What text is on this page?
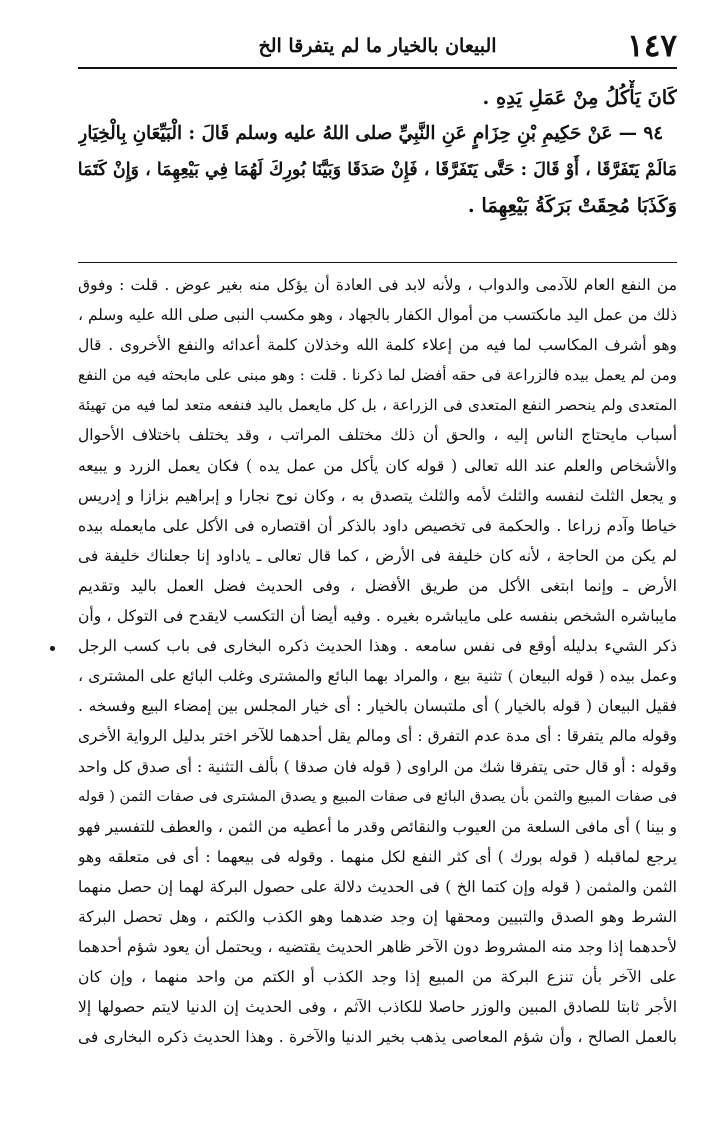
١٤٧
البيعان بالخيار ما لم يتفرقا الخ

كَانَ يَأْكُلُ مِنْ عَمَلِ يَدِهِ .

٩٤ — عَنْ حَكِيمِ بْنِ حِزَامٍ عَنِ النَّبِيِّ صلى اللهُ عليه وسلم قَالَ : الْبَيِّعَانِ بِالْخِيَارِ

مَالَمْ يَتَفَرَّقَا ، أَوْ قَالَ : حَتَّى يَتَفَرَّقَا ، فَإِنْ صَدَقَا وَبَيَّنَا بُورِكَ لَهُمَا فِي بَيْعِهِمَا ، وَإِنْ كَتَمَا

وَكَذَبَا مُحِقَتْ بَرَكَةُ بَيْعِهِمَا .

من النفع العام للآدمى والدواب ، ولأنه لابد فى العادة أن يؤكل منه بغير عوض . قلت : وفوق
ذلك من عمل اليد ماىكتسب من أموال الكفار بالجهاد ، وهو مكسب النبى صلى الله عليه وسلم ،
وهو أشرف المكاسب لما فيه من إعلاء كلمة الله وخذلان كلمة أعدائه والنفع الأخروى . قال
ومن لم يعمل بيده فالزراعة فى حقه أفضل لما ذكرنا . قلت : وهو مبنى على مابحثه فيه من النفع
المتعدى ولم ينحصر النفع المتعدى فى الزراعة ، بل كل مايعمل باليد فنفعه متعد لما فيه من تهيئة
أسباب مايحتاج الناس إليه ، والحق أن ذلك مختلف المراتب ، وقد يختلف باختلاف الأحوال
والأشخاص والعلم عند الله تعالى ( قوله كان يأكل من عمل يده ) فكان يعمل الزرد و يبيعه
و يجعل الثلث لنفسه والثلث لأمه والثلث يتصدق به ، وكان نوح نجارا و إبراهيم بزازا و إدريس
خياطا وآدم زراعا . والحكمة فى تخصيص داود بالذكر أن اقتصاره فى الأكل على مايعمله بيده
لم يكن من الحاجة ، لأنه كان خليفة فى الأرض ، كما قال تعالى ـ ياداود إنا جعلناك خليفة فى
الأرض ـ وإنما ابتغى الأكل من طريق الأفضل ، وفى الحديث فضل العمل باليد وتقديم
مايباشره الشخص بنفسه على مايباشره بغيره . وفيه أيضا أن التكسب لايقدح فى التوكل ، وأن
ذكر الشيء بدليله أوقع فى نفس سامعه . وهذا الحديث ذكره البخارى فى باب كسب الرجل
وعمل بيده ( قوله البيعان ) تثنية بيع ، والمراد بهما البائع والمشترى وغلب البائع على المشترى ،
فقيل البيعان ( قوله بالخيار ) أى ملتبسان بالخيار : أى خيار المجلس بين إمضاء البيع وفسخه .
وقوله مالم يتفرقا : أى مدة عدم التفرق : أى ومالم يقل أحدهما للآخر اختر بدليل الرواية الأخرى
وقوله : أو قال حتى يتفرقا شك من الراوى ( قوله فان صدقا ) بألف التثنية : أى صدق كل واحد
فى صفات المبيع والثمن بأن يصدق البائع فى صفات المبيع و يصدق المشترى فى صفات الثمن ( قوله
و بينا ) أى مافى السلعة من العيوب والنقائص وقدر ما أعطيه من الثمن ، والعطف للتفسير فهو
يرجع لماقبله ( قوله بورك ) أى كثر النفع لكل منهما . وقوله فى بيعهما : أى فى متعلقه وهو
الثمن والمثمن ( قوله وإن كتما الخ ) فى الحديث دلالة على حصول البركة لهما إن حصل منهما
الشرط وهو الصدق والتبيين ومحقها إن وجد ضدهما وهو الكذب والكتم ، وهل تحصل البركة
لأحدهما إذا وجد منه المشروط دون الآخر ظاهر الحديث يقتضيه ، ويحتمل أن يعود شؤم أحدهما
على الآخر بأن تنزع البركة من المبيع إذا وجد الكذب أو الكتم من واحد منهما ، وإن كان
الأجر ثابتا للصادق المبين والوزر حاصلا للكاذب الآثم ، وفى الحديث إن الدنيا لايتم حصولها إلا
بالعمل الصالح ، وأن شؤم المعاصى يذهب بخير الدنيا والآخرة . وهذا الحديث ذكره البخارى فى
